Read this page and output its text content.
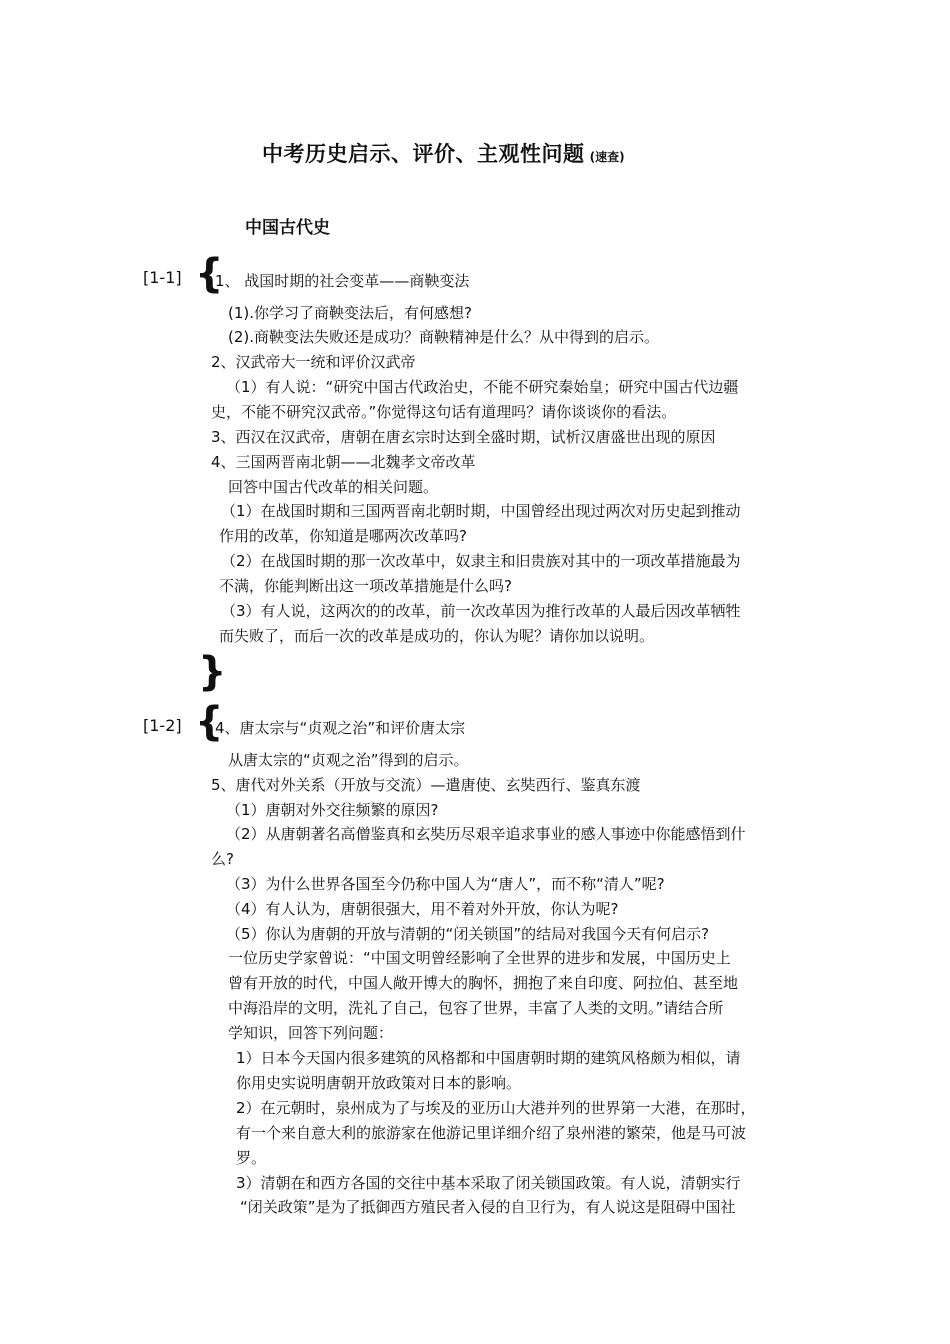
中考历史启示、评价、主观性问题 (速查)
中国古代史
[1-1] {
1、 战国时期的社会变革——商鞅变法
(1).你学习了商鞅变法后，有何感想?
(2).商鞅变法失败还是成功？商鞅精神是什么？从中得到的启示。
2、汉武帝大一统和评价汉武帝
（1）有人说：“研究中国古代政治史，不能不研究秦始皇；研究中国古代边疆
史，不能不研究汉武帝。”你觉得这句话有道理吗？请你谈谈你的看法。
3、西汉在汉武帝，唐朝在唐玄宗时达到全盛时期，试析汉唐盛世出现的原因
4、三国两晋南北朝——北魏孝文帝改革
回答中国古代改革的相关问题。
（1）在战国时期和三国两晋南北朝时期，中国曾经出现过两次对历史起到推动
作用的改革，你知道是哪两次改革吗?
（2）在战国时期的那一次改革中，奴隶主和旧贵族对其中的一项改革措施最为
不满，你能判断出这一项改革措施是什么吗?
（3）有人说，这两次的的改革，前一次改革因为推行改革的人最后因改革牺牲
而失败了，而后一次的改革是成功的，你认为呢？请你加以说明。
}
[1-2] {
4、唐太宗与“贞观之治”和评价唐太宗
从唐太宗的“贞观之治”得到的启示。
5、唐代对外关系（开放与交流）—遣唐使、玄奘西行、鉴真东渡
（1）唐朝对外交往频繁的原因?
（2）从唐朝著名高僧鉴真和玄奘历尽艰辛追求事业的感人事迹中你能感悟到什
么?
（3）为什么世界各国至今仍称中国人为“唐人”，而不称“清人”呢?
（4）有人认为，唐朝很强大，用不着对外开放，你认为呢?
（5）你认为唐朝的开放与清朝的“闭关锁国”的结局对我国今天有何启示?
一位历史学家曾说：“中国文明曾经影响了全世界的进步和发展，中国历史上
曾有开放的时代，中国人敞开博大的胸怀，拥抱了来自印度、阿拉伯、甚至地
中海沿岸的文明，洗礼了自己，包容了世界，丰富了人类的文明。”请结合所
学知识，回答下列问题：
1）日本今天国内很多建筑的风格都和中国唐朝时期的建筑风格颇为相似，请
你用史实说明唐朝开放政策对日本的影响。
2）在元朝时，泉州成为了与埃及的亚历山大港并列的世界第一大港，在那时，
有一个来自意大利的旅游家在他游记里详细介绍了泉州港的繁荣，他是马可波
罗。
3）清朝在和西方各国的交往中基本采取了闭关锁国政策。有人说，清朝实行
“闭关政策”是为了抵御西方殖民者入侵的自卫行为，有人说这是阻碍中国社
